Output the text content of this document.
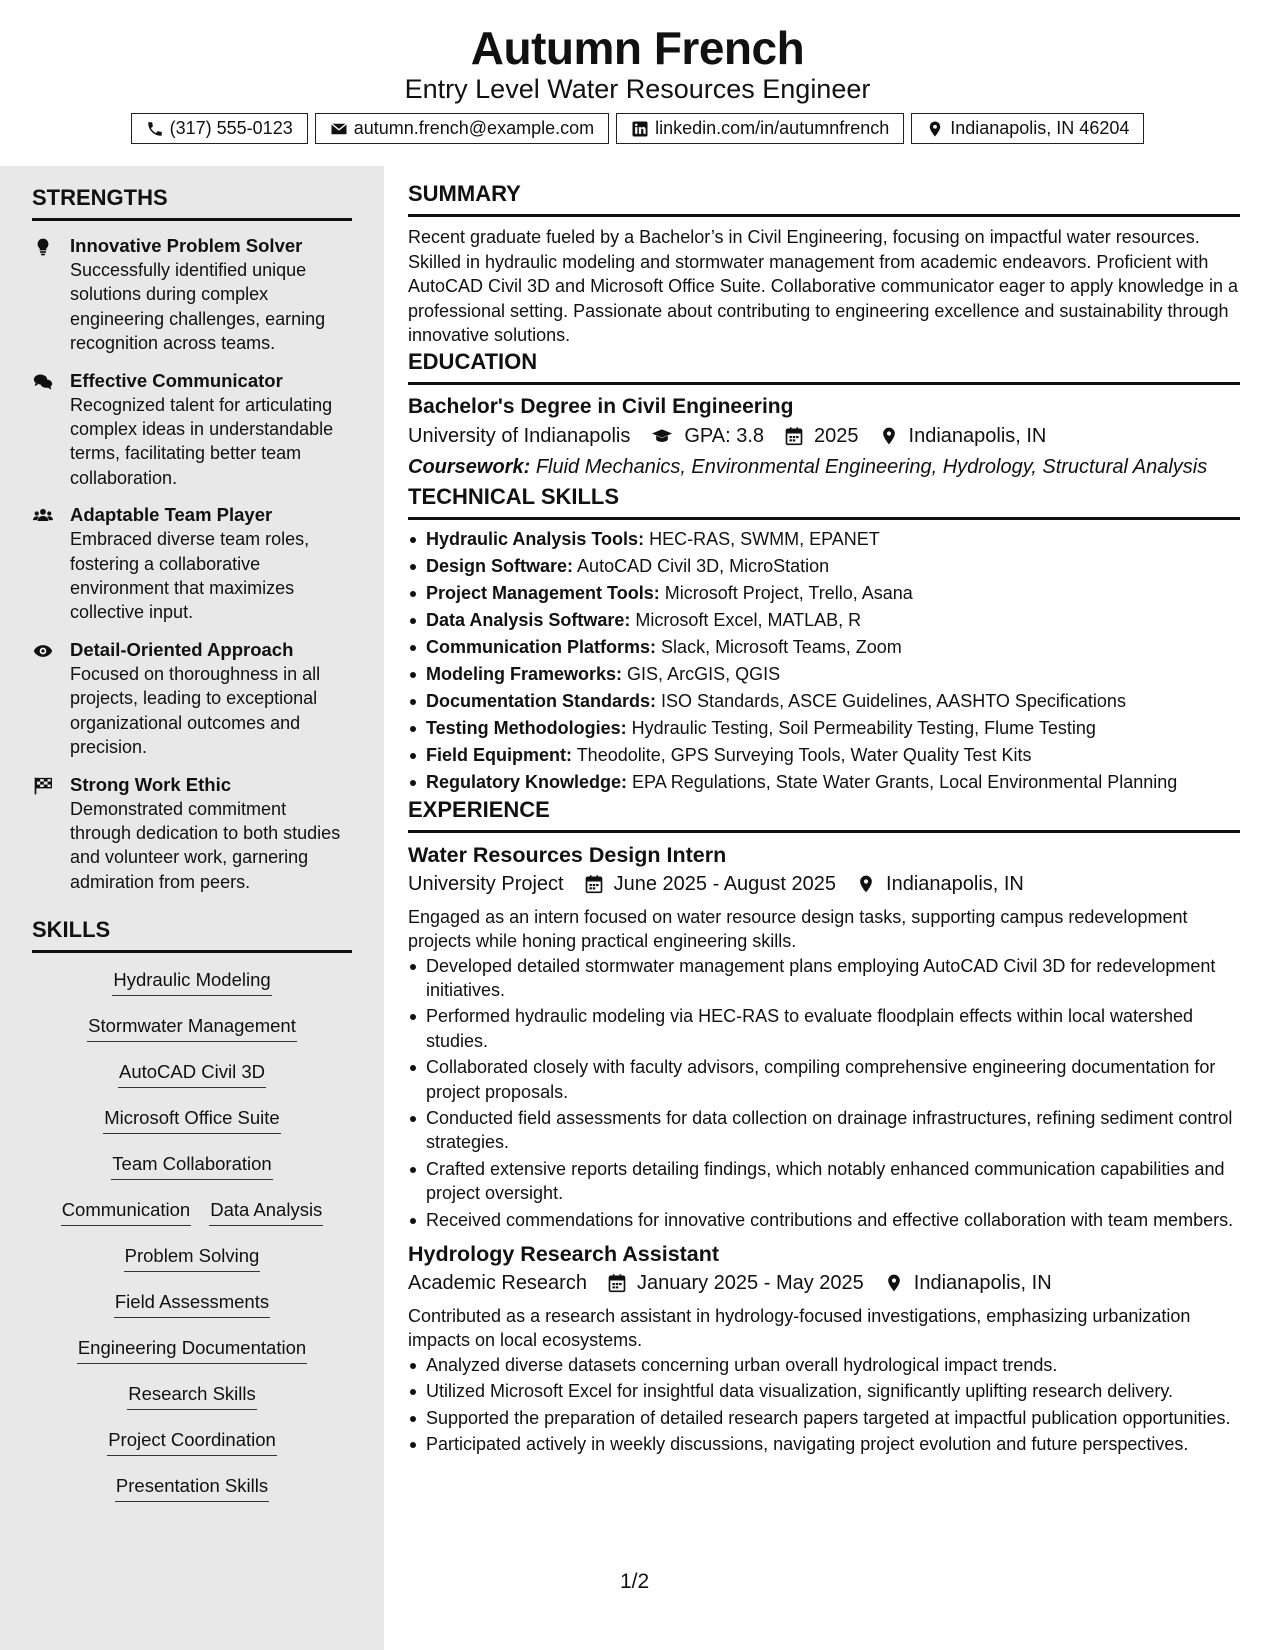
Autumn French
Entry Level Water Resources Engineer
(317) 555-0123	autumn.french@example.com	linkedin.com/in/autumnfrench	Indianapolis, IN 46204
STRENGTHS
Innovative Problem Solver
Successfully identified unique solutions during complex engineering challenges, earning recognition across teams.
Effective Communicator
Recognized talent for articulating complex ideas in understandable terms, facilitating better team collaboration.
Adaptable Team Player
Embraced diverse team roles, fostering a collaborative environment that maximizes collective input.
Detail-Oriented Approach
Focused on thoroughness in all projects, leading to exceptional organizational outcomes and precision.
Strong Work Ethic
Demonstrated commitment through dedication to both studies and volunteer work, garnering admiration from peers.
SKILLS
Hydraulic Modeling
Stormwater Management
AutoCAD Civil 3D
Microsoft Office Suite
Team Collaboration
Communication Data Analysis
Problem Solving
Field Assessments
Engineering Documentation
Research Skills
Project Coordination
Presentation Skills
SUMMARY
Recent graduate fueled by a Bachelor’s in Civil Engineering, focusing on impactful water resources. Skilled in hydraulic modeling and stormwater management from academic endeavors. Proficient with AutoCAD Civil 3D and Microsoft Office Suite. Collaborative communicator eager to apply knowledge in a professional setting. Passionate about contributing to engineering excellence and sustainability through innovative solutions.
EDUCATION
Bachelor's Degree in Civil Engineering
University of Indianapolis	GPA: 3.8	2025	Indianapolis, IN
Coursework: Fluid Mechanics, Environmental Engineering, Hydrology, Structural Analysis
TECHNICAL SKILLS
Hydraulic Analysis Tools: HEC-RAS, SWMM, EPANET
Design Software: AutoCAD Civil 3D, MicroStation
Project Management Tools: Microsoft Project, Trello, Asana
Data Analysis Software: Microsoft Excel, MATLAB, R
Communication Platforms: Slack, Microsoft Teams, Zoom
Modeling Frameworks: GIS, ArcGIS, QGIS
Documentation Standards: ISO Standards, ASCE Guidelines, AASHTO Specifications
Testing Methodologies: Hydraulic Testing, Soil Permeability Testing, Flume Testing
Field Equipment: Theodolite, GPS Surveying Tools, Water Quality Test Kits
Regulatory Knowledge: EPA Regulations, State Water Grants, Local Environmental Planning
EXPERIENCE
Water Resources Design Intern
University Project	June 2025 - August 2025	Indianapolis, IN
Engaged as an intern focused on water resource design tasks, supporting campus redevelopment projects while honing practical engineering skills.
Developed detailed stormwater management plans employing AutoCAD Civil 3D for redevelopment initiatives.
Performed hydraulic modeling via HEC-RAS to evaluate floodplain effects within local watershed studies.
Collaborated closely with faculty advisors, compiling comprehensive engineering documentation for project proposals.
Conducted field assessments for data collection on drainage infrastructures, refining sediment control strategies.
Crafted extensive reports detailing findings, which notably enhanced communication capabilities and project oversight.
Received commendations for innovative contributions and effective collaboration with team members.
Hydrology Research Assistant
Academic Research	January 2025 - May 2025	Indianapolis, IN
Contributed as a research assistant in hydrology-focused investigations, emphasizing urbanization impacts on local ecosystems.
Analyzed diverse datasets concerning urban overall hydrological impact trends.
Utilized Microsoft Excel for insightful data visualization, significantly uplifting research delivery.
Supported the preparation of detailed research papers targeted at impactful publication opportunities.
Participated actively in weekly discussions, navigating project evolution and future perspectives.
1/2
